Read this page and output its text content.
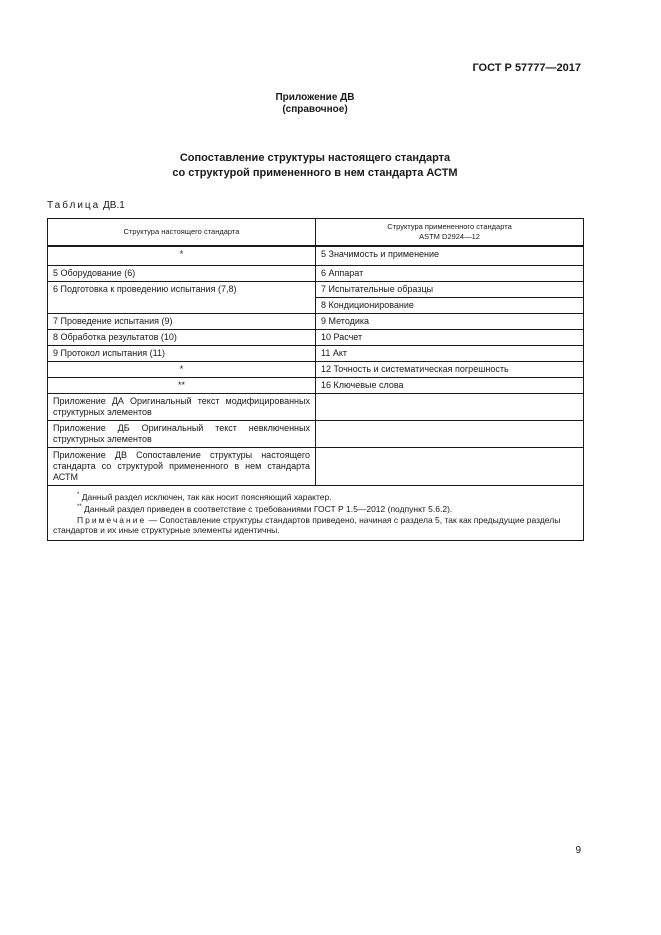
ГОСТ Р 57777—2017
Приложение ДВ
(справочное)
Сопоставление структуры настоящего стандарта
со структурой примененного в нем стандарта АСТМ
Таблица ДВ.1
Структура настоящего стандарта	Структура примененного стандарта
ASTM D2924—12

*	5 Значимость и применение
5 Оборудование (6)	6 Аппарат
6 Подготовка к проведению испытания (7,8)	7 Испытательные образцы
	8 Кондиционирование
7 Проведение испытания (9)	9 Методика
8 Обработка результатов (10)	10 Расчет
9 Протокол испытания (11)	11 Акт
*	12 Точность и систематическая погрешность
**	16 Ключевые слова
Приложение ДА Оригинальный текст модифицированных структурных элементов	
Приложение ДБ Оригинальный текст невключенных структурных элементов	
Приложение ДВ Сопоставление структуры настоящего стандарта со структурой примененного в нем стандарта АСТМ	

* Данный раздел исключен, так как носит поясняющий характер.
** Данный раздел приведен в соответствие с требованиями ГОСТ Р 1.5—2012 (подпункт 5.6.2).
Примечание — Сопоставление структуры стандартов приведено, начиная с раздела 5, так как предыдущие разделы стандартов и их иные структурные элементы идентичны.	
9
